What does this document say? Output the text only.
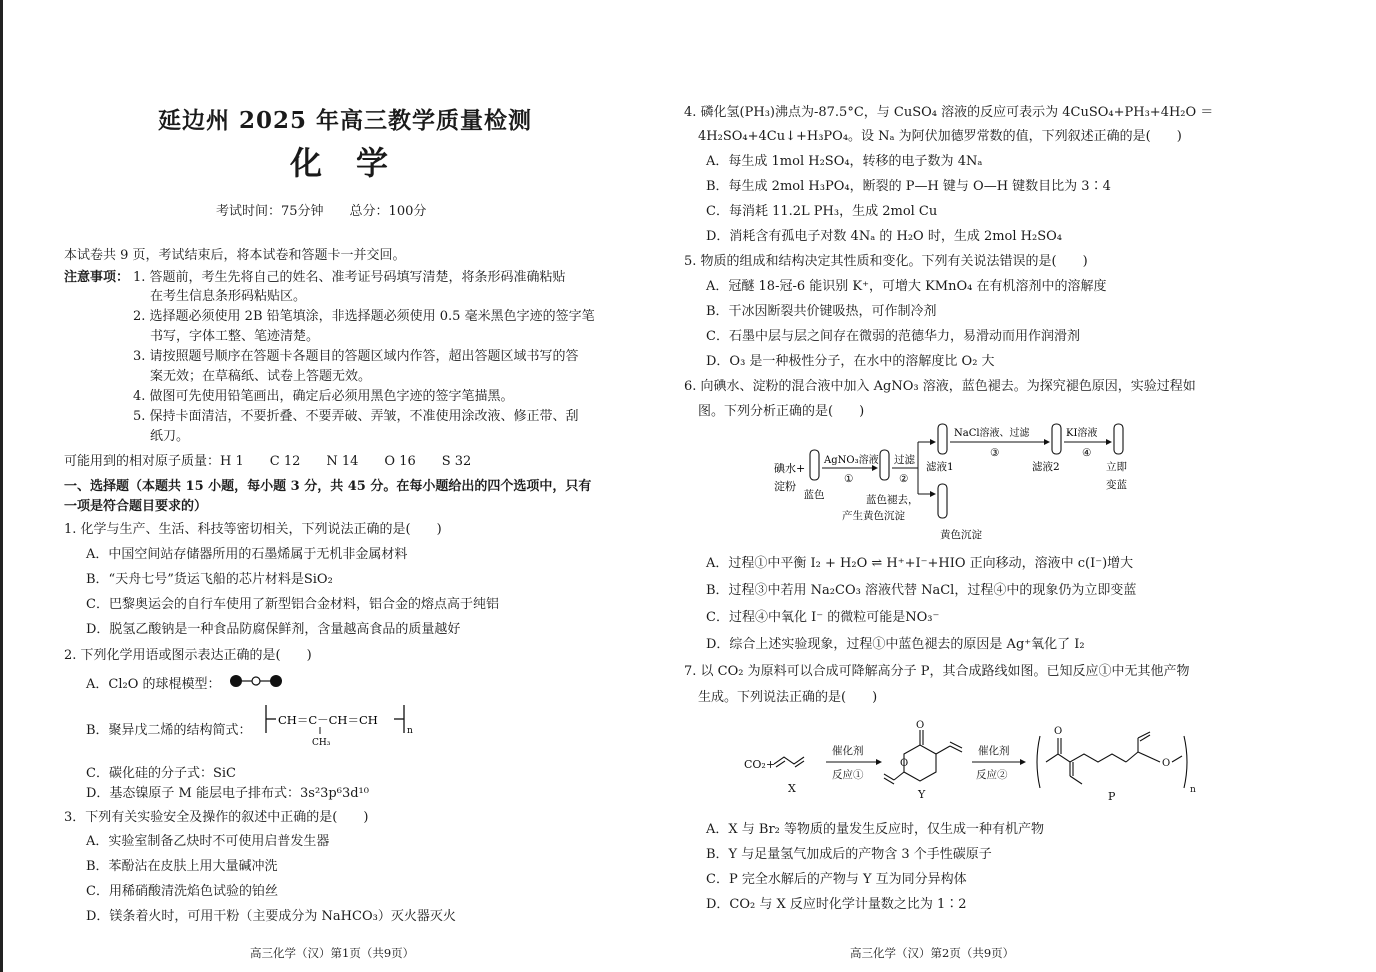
延边州 2025 年高三教学质量检测
化学
考试时间：75分钟　　总分：100分
本试卷共 9 页，考试结束后，将本试卷和答题卡一并交回。
注意事项： 1. 答题前，考生先将自己的姓名、准考证号码填写清楚，将条形码准确粘贴
在考生信息条形码粘贴区。
2. 选择题必须使用 2B 铅笔填涂，非选择题必须使用 0.5 毫米黑色字迹的签字笔
书写，字体工整、笔迹清楚。
3. 请按照题号顺序在答题卡各题目的答题区域内作答，超出答题区域书写的答
案无效；在草稿纸、试卷上答题无效。
4. 做图可先使用铅笔画出，确定后必须用黑色字迹的签字笔描黑。
5. 保持卡面清洁，不要折叠、不要弄破、弄皱，不准使用涂改液、修正带、刮
纸刀。
可能用到的相对原子质量：H 1　　C 12　　N 14　　O 16　　S 32
一、选择题（本题共 15 小题，每小题 3 分，共 45 分。在每小题给出的四个选项中，只有
一项是符合题目要求的）
1. 化学与生产、生活、科技等密切相关，下列说法正确的是(　　)
A．中国空间站存储器所用的石墨烯属于无机非金属材料
B．“天舟七号”货运飞船的芯片材料是SiO₂
C．巴黎奥运会的自行车使用了新型铝合金材料，铝合金的熔点高于纯铝
D．脱氢乙酸钠是一种食品防腐保鲜剂，含量越高食品的质量越好
2. 下列化学用语或图示表达正确的是(　　)
A．Cl₂O 的球棍模型：
B．聚异戊二烯的结构简式：
CH＝C－CH＝CH
CH₃
n
C．碳化硅的分子式：SiC
D．基态镍原子 M 能层电子排布式：3s²3p⁶3d¹⁰
3．下列有关实验安全及操作的叙述中正确的是(　　)
A．实验室制备乙炔时不可使用启普发生器
B．苯酚沾在皮肤上用大量碱冲洗
C．用稀硝酸清洗焰色试验的铂丝
D．镁条着火时，可用干粉（主要成分为 NaHCO₃）灭火器灭火
高三化学（汉）第1页（共9页）
4. 磷化氢(PH₃)沸点为-87.5°C，与 CuSO₄ 溶液的反应可表示为 4CuSO₄+PH₃+4H₂O ＝
4H₂SO₄+4Cu↓+H₃PO₄。设 Nₐ 为阿伏加德罗常数的值，下列叙述正确的是(　　)
A．每生成 1mol H₂SO₄，转移的电子数为 4Nₐ
B．每生成 2mol H₃PO₄，断裂的 P—H 键与 O—H 键数目比为 3∶4
C．每消耗 11.2L PH₃，生成 2mol Cu
D．消耗含有孤电子对数 4Nₐ 的 H₂O 时，生成 2mol H₂SO₄
5. 物质的组成和结构决定其性质和变化。下列有关说法错误的是(　　)
A．冠醚 18-冠-6 能识别 K⁺，可增大 KMnO₄ 在有机溶剂中的溶解度
B．干冰因断裂共价键吸热，可作制冷剂
C．石墨中层与层之间存在微弱的范德华力，易滑动而用作润滑剂
D．O₃ 是一种极性分子，在水中的溶解度比 O₂ 大
6. 向碘水、淀粉的混合液中加入 AgNO₃ 溶液，蓝色褪去。为探究褪色原因，实验过程如
图。下列分析正确的是(　　)
碘水+
淀粉
蓝色
AgNO₃溶液
①
蓝色褪去，
产生黄色沉淀
过滤
②
滤液1
黄色沉淀
NaCl溶液、过滤
③
滤液2
KI溶液
④
立即
变蓝
A．过程①中平衡 I₂ + H₂O ⇌ H⁺+I⁻+HIO 正向移动，溶液中 c(I⁻)增大
B．过程③中若用 Na₂CO₃ 溶液代替 NaCl，过程④中的现象仍为立即变蓝
C．过程④中氧化 I⁻ 的微粒可能是NO₃⁻
D．综合上述实验现象，过程①中蓝色褪去的原因是 Ag⁺氧化了 I₂
7. 以 CO₂ 为原料可以合成可降解高分子 P，其合成路线如图。已知反应①中无其他产物
生成。下列说法正确的是(　　)
CO₂+
X
催化剂
反应①
O
O
Y
催化剂
反应②
O
O
n
P
A．X 与 Br₂ 等物质的量发生反应时，仅生成一种有机产物
B．Y 与足量氢气加成后的产物含 3 个手性碳原子
C．P 完全水解后的产物与 Y 互为同分异构体
D．CO₂ 与 X 反应时化学计量数之比为 1∶2
高三化学（汉）第2页（共9页）
